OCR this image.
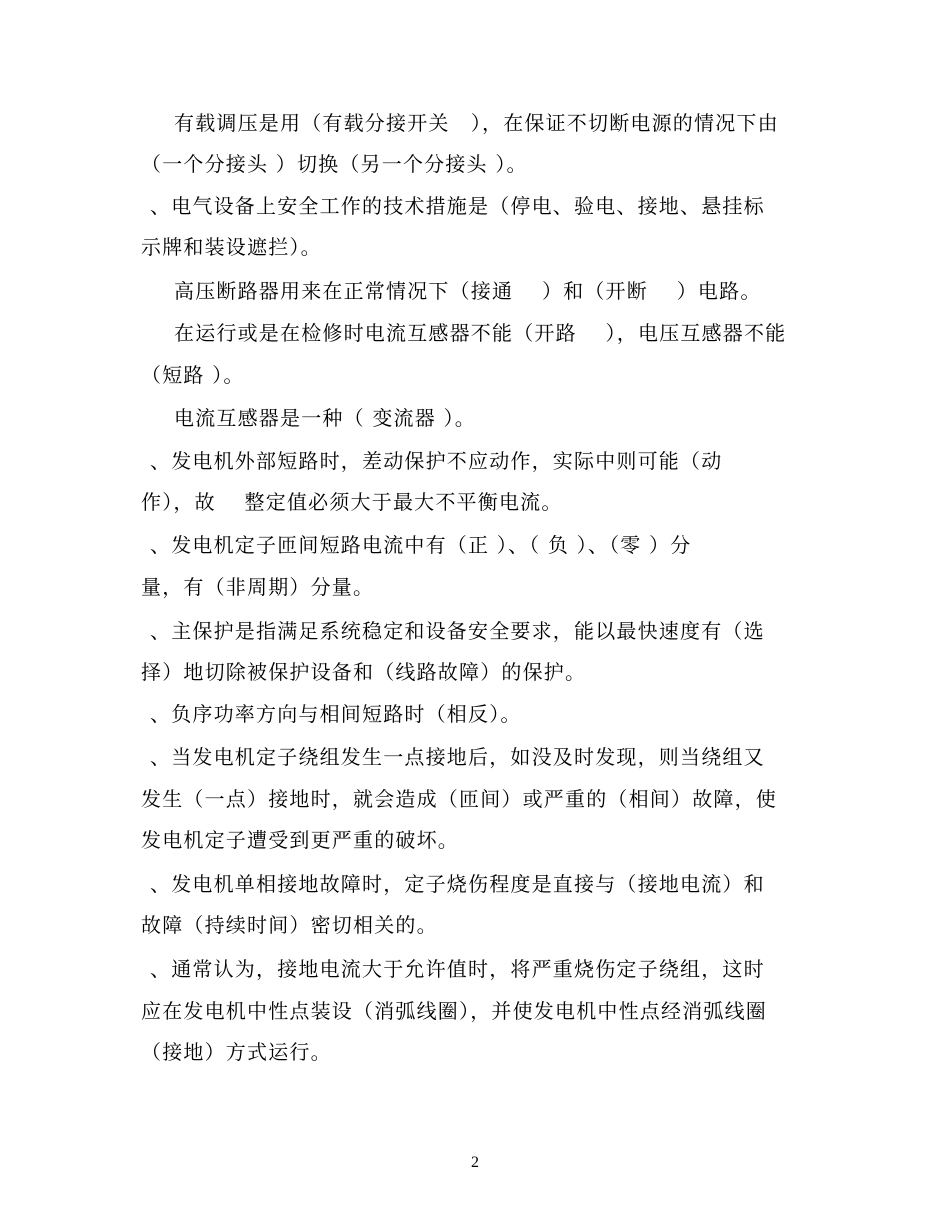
有载调压是用（有载分接开关　），在保证不切断电源的情况下由
（一个分接头 ）切换（另一个分接头 ）。
、电气设备上安全工作的技术措施是（停电、验电、接地、悬挂标
示牌和装设遮拦）。
高压断路器用来在正常情况下（接通 　）和（开断 　）电路。
在运行或是在检修时电流互感器不能（开路 　），电压互感器不能
（短路 ）。
电流互感器是一种（ 变流器 ）。
、发电机外部短路时，差动保护不应动作，实际中则可能（动
作），故 　整定值必须大于最大不平衡电流。
、发电机定子匝间短路电流中有（正 ）、（ 负 ）、（零 ）分
量，有（非周期）分量。
、主保护是指满足系统稳定和设备安全要求，能以最快速度有（选
择）地切除被保护设备和（线路故障）的保护。
、负序功率方向与相间短路时（相反）。
、当发电机定子绕组发生一点接地后，如没及时发现，则当绕组又
发生（一点）接地时，就会造成（匝间）或严重的（相间）故障，使
发电机定子遭受到更严重的破坏。
、发电机单相接地故障时，定子烧伤程度是直接与（接地电流）和
故障（持续时间）密切相关的。
、通常认为，接地电流大于允许值时，将严重烧伤定子绕组，这时
应在发电机中性点装设（消弧线圈），并使发电机中性点经消弧线圈
（接地）方式运行。
2
